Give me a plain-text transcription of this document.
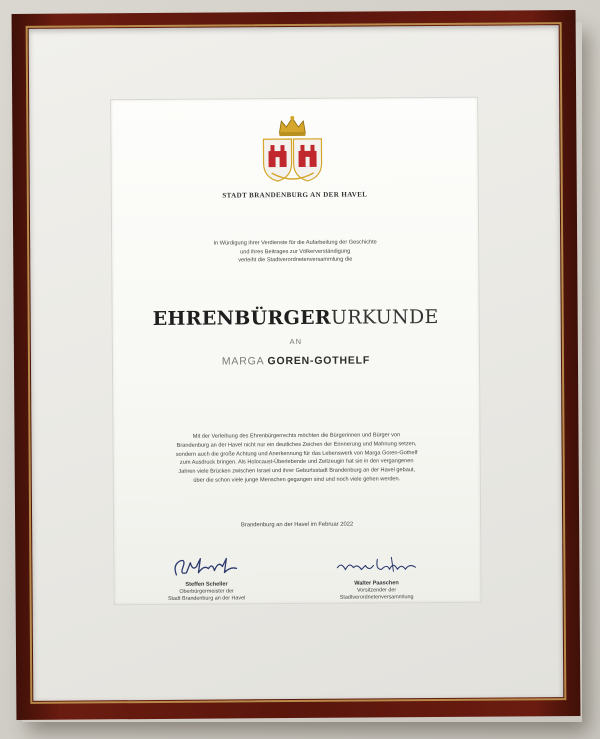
STADT BRANDENBURG AN DER HAVEL
In Würdigung ihrer Verdienste für die Aufarbeitung der Geschichte
und ihres Beitrages zur Völkerverständigung
verleiht die Stadtverordnetenversammlung die
EHRENBÜRGERURKUNDE
AN
MARGA GOREN-GOTHELF
Mit der Verleihung des Ehrenbürgerrechts möchten die Bürgerinnen und Bürger von
Brandenburg an der Havel nicht nur ein deutliches Zeichen der Erinnerung und Mahnung setzen,
sondern auch die große Achtung und Anerkennung für das Lebenswerk von Marga Goren-Gothelf
zum Ausdruck bringen. Als Holocaust-Überlebende und Zeitzeugin hat sie in den vergangenen
Jahren viele Brücken zwischen Israel und ihrer Geburtsstadt Brandenburg an der Havel gebaut,
über die schon viele junge Menschen gegangen sind und noch viele gehen werden.
Brandenburg an der Havel im Februar 2022
Steffen Scheller
Oberbürgermeister der
Stadt Brandenburg an der Havel
Walter Paaschen
Vorsitzender der
Stadtverordnetenversammlung
